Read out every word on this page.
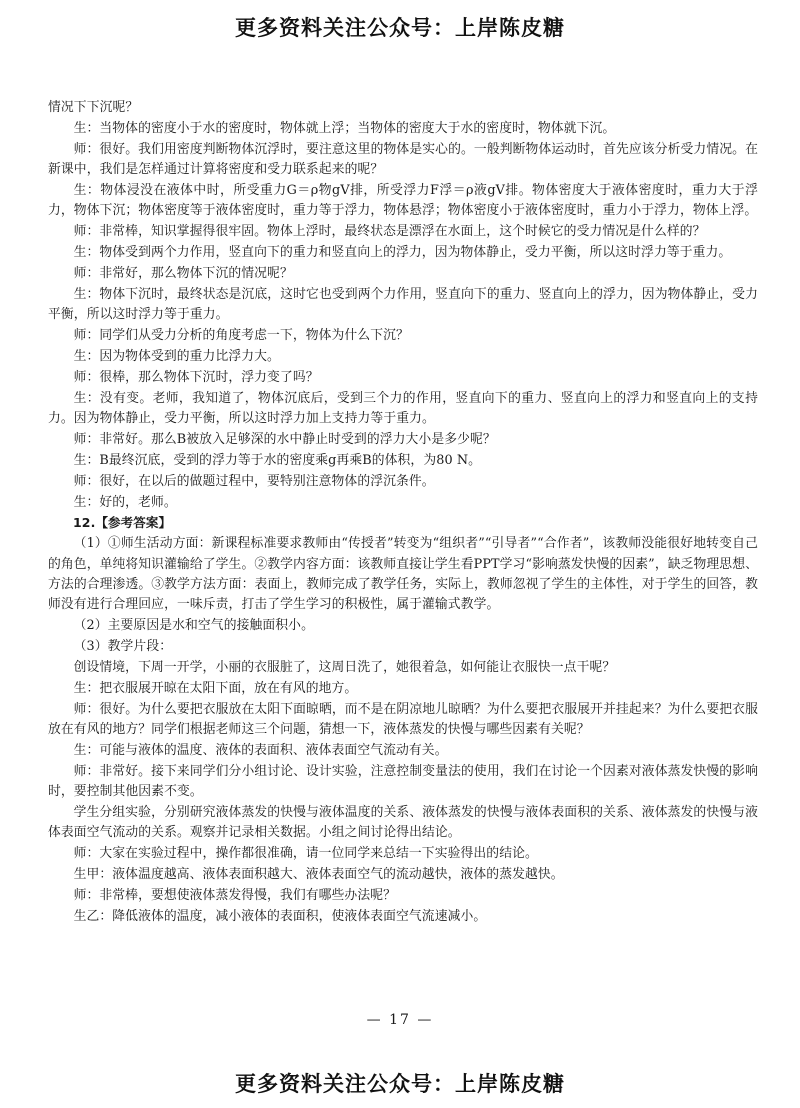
更多资料关注公众号：上岸陈皮糖

情况下下沉呢？

生：当物体的密度小于水的密度时，物体就上浮；当物体的密度大于水的密度时，物体就下沉。

师：很好。我们用密度判断物体沉浮时，要注意这里的物体是实心的。一般判断物体运动时，首先应该分析受力情况。在新课中，我们是怎样通过计算将密度和受力联系起来的呢？

生：物体浸没在液体中时，所受重力G＝ρ物gV排，所受浮力F浮＝ρ液gV排。物体密度大于液体密度时，重力大于浮力，物体下沉；物体密度等于液体密度时，重力等于浮力，物体悬浮；物体密度小于液体密度时，重力小于浮力，物体上浮。

师：非常棒，知识掌握得很牢固。物体上浮时，最终状态是漂浮在水面上，这个时候它的受力情况是什么样的？

生：物体受到两个力作用，竖直向下的重力和竖直向上的浮力，因为物体静止，受力平衡，所以这时浮力等于重力。

师：非常好，那么物体下沉的情况呢？

生：物体下沉时，最终状态是沉底，这时它也受到两个力作用，竖直向下的重力、竖直向上的浮力，因为物体静止，受力平衡，所以这时浮力等于重力。

师：同学们从受力分析的角度考虑一下，物体为什么下沉？

生：因为物体受到的重力比浮力大。

师：很棒，那么物体下沉时，浮力变了吗？

生：没有变。老师，我知道了，物体沉底后，受到三个力的作用，竖直向下的重力、竖直向上的浮力和竖直向上的支持力。因为物体静止，受力平衡，所以这时浮力加上支持力等于重力。

师：非常好。那么B被放入足够深的水中静止时受到的浮力大小是多少呢？

生：B最终沉底，受到的浮力等于水的密度乘g再乘B的体积，为80 N。

师：很好，在以后的做题过程中，要特别注意物体的浮沉条件。

生：好的，老师。

12.【参考答案】

（1）①师生活动方面：新课程标准要求教师由“传授者”转变为“组织者”“引导者”“合作者”，该教师没能很好地转变自己的角色，单纯将知识灌输给了学生。②教学内容方面：该教师直接让学生看PPT学习“影响蒸发快慢的因素”，缺乏物理思想、方法的合理渗透。③教学方法方面：表面上，教师完成了教学任务，实际上，教师忽视了学生的主体性，对于学生的回答，教师没有进行合理回应，一味斥责，打击了学生学习的积极性，属于灌输式教学。

（2）主要原因是水和空气的接触面积小。

（3）教学片段：

创设情境，下周一开学，小丽的衣服脏了，这周日洗了，她很着急，如何能让衣服快一点干呢？

生：把衣服展开晾在太阳下面，放在有风的地方。

师：很好。为什么要把衣服放在太阳下面晾晒，而不是在阴凉地儿晾晒？为什么要把衣服展开并挂起来？为什么要把衣服放在有风的地方？同学们根据老师这三个问题，猜想一下，液体蒸发的快慢与哪些因素有关呢？

生：可能与液体的温度、液体的表面积、液体表面空气流动有关。

师：非常好。接下来同学们分小组讨论、设计实验，注意控制变量法的使用，我们在讨论一个因素对液体蒸发快慢的影响时，要控制其他因素不变。

学生分组实验，分别研究液体蒸发的快慢与液体温度的关系、液体蒸发的快慢与液体表面积的关系、液体蒸发的快慢与液体表面空气流动的关系。观察并记录相关数据。小组之间讨论得出结论。

师：大家在实验过程中，操作都很准确，请一位同学来总结一下实验得出的结论。

生甲：液体温度越高、液体表面积越大、液体表面空气的流动越快，液体的蒸发越快。

师：非常棒，要想使液体蒸发得慢，我们有哪些办法呢？

生乙：降低液体的温度，减小液体的表面积，使液体表面空气流速减小。

— 17 —
更多资料关注公众号：上岸陈皮糖
